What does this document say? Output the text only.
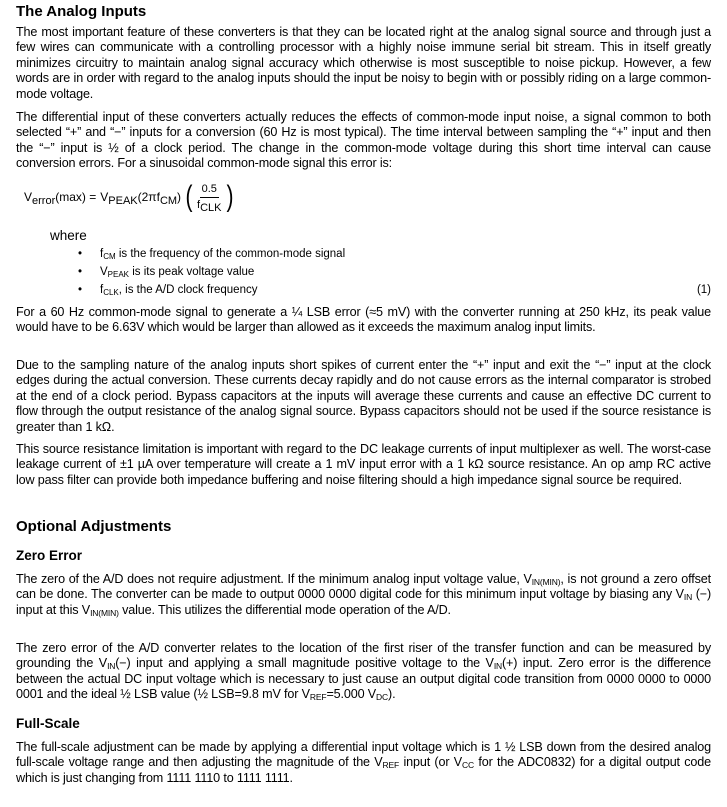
The Analog Inputs

The most important feature of these converters is that they can be located right at the analog signal source and through just a few wires can communicate with a controlling processor with a highly noise immune serial bit stream. This in itself greatly minimizes circuitry to maintain analog signal accuracy which otherwise is most susceptible to noise pickup. However, a few words are in order with regard to the analog inputs should the input be noisy to begin with or possibly riding on a large common-mode voltage.

The differential input of these converters actually reduces the effects of common-mode input noise, a signal common to both selected “+” and “−” inputs for a conversion (60 Hz is most typical). The time interval between sampling the “+” input and then the “−” input is ½ of a clock period. The change in the common-mode voltage during this short time interval can cause conversion errors. For a sinusoidal common-mode signal this error is:

$V_{error}(\max) = V_{PEAK}(2\pi f_{CM})$ ( $\frac{0.5}{f_{CLK}}$ )
where
• $f_{CM}$ is the frequency of the common-mode signal
• $V_{PEAK}$ is its peak voltage value
• $f_{CLK}$, is the A/D clock frequency	(1)

For a 60 Hz common-mode signal to generate a ¼ LSB error (≈5 mV) with the converter running at 250 kHz, its peak value would have to be 6.63V which would be larger than allowed as it exceeds the maximum analog input limits.

Due to the sampling nature of the analog inputs short spikes of current enter the “+” input and exit the “−” input at the clock edges during the actual conversion. These currents decay rapidly and do not cause errors as the internal comparator is strobed at the end of a clock period. Bypass capacitors at the inputs will average these currents and cause an effective DC current to flow through the output resistance of the analog signal source. Bypass capacitors should not be used if the source resistance is greater than 1 kΩ.

This source resistance limitation is important with regard to the DC leakage currents of input multiplexer as well. The worst-case leakage current of ±1 µA over temperature will create a 1 mV input error with a 1 kΩ source resistance. An op amp RC active low pass filter can provide both impedance buffering and noise filtering should a high impedance signal source be required.

Optional Adjustments
Zero Error

The zero of the A/D does not require adjustment. If the minimum analog input voltage value, $V_{IN(MIN)}$, is not ground a zero offset can be done. The converter can be made to output 0000 0000 digital code for this minimum input voltage by biasing any $V_{IN}$ (−) input at this $V_{IN(MIN)}$ value. This utilizes the differential mode operation of the A/D.

The zero error of the A/D converter relates to the location of the first riser of the transfer function and can be measured by grounding the $V_{IN}(-)$ input and applying a small magnitude positive voltage to the $V_{IN}(+)$ input. Zero error is the difference between the actual DC input voltage which is necessary to just cause an output digital code transition from 0000 0000 to 0000 0001 and the ideal ½ LSB value (½ LSB=9.8 mV for $V_{REF}=5.000$ $V_{DC}$).

Full-Scale

The full-scale adjustment can be made by applying a differential input voltage which is 1 ½ LSB down from the desired analog full-scale voltage range and then adjusting the magnitude of the $V_{REF}$ input (or $V_{CC}$ for the ADC0832) for a digital output code which is just changing from 1111 1110 to 1111 1111.
